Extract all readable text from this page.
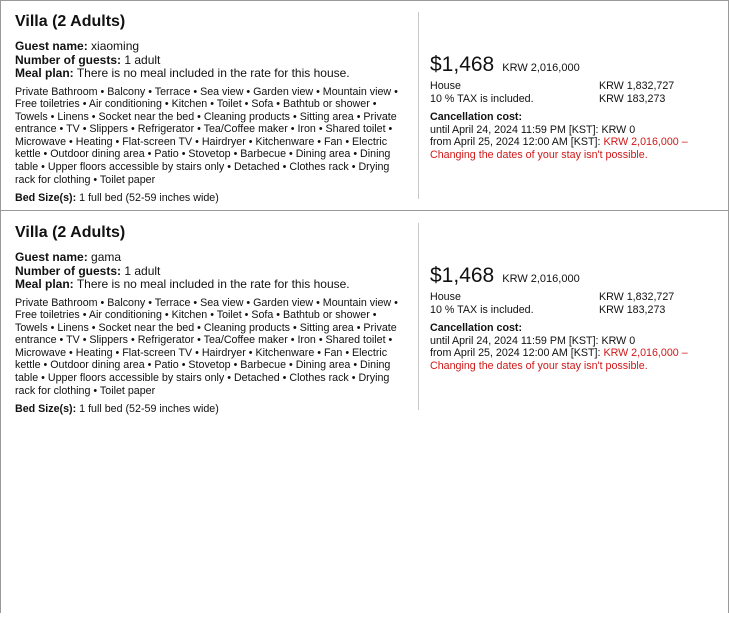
Villa (2 Adults)
Guest name: xiaoming
Number of guests: 1 adult
Meal plan: There is no meal included in the rate for this house.
Private Bathroom • Balcony • Terrace • Sea view • Garden view • Mountain view • Free toiletries • Air conditioning • Kitchen • Toilet • Sofa • Bathtub or shower • Towels • Linens • Socket near the bed • Cleaning products • Sitting area • Private entrance • TV • Slippers • Refrigerator • Tea/Coffee maker • Iron • Shared toilet • Microwave • Heating • Flat-screen TV • Hairdryer • Kitchenware • Fan • Electric kettle • Outdoor dining area • Patio • Stovetop • Barbecue • Dining area • Dining table • Upper floors accessible by stairs only • Detached • Clothes rack • Drying rack for clothing • Toilet paper
Bed Size(s): 1 full bed (52-59 inches wide)
$1,468 KRW 2,016,000
House	KRW 1,832,727
10 % TAX is included.	KRW 183,273
Cancellation cost:
until April 24, 2024 11:59 PM [KST]: KRW 0
from April 25, 2024 12:00 AM [KST]: KRW 2,016,000 –
Changing the dates of your stay isn't possible.
Villa (2 Adults)
Guest name: gama
Number of guests: 1 adult
Meal plan: There is no meal included in the rate for this house.
Private Bathroom • Balcony • Terrace • Sea view • Garden view • Mountain view • Free toiletries • Air conditioning • Kitchen • Toilet • Sofa • Bathtub or shower • Towels • Linens • Socket near the bed • Cleaning products • Sitting area • Private entrance • TV • Slippers • Refrigerator • Tea/Coffee maker • Iron • Shared toilet • Microwave • Heating • Flat-screen TV • Hairdryer • Kitchenware • Fan • Electric kettle • Outdoor dining area • Patio • Stovetop • Barbecue • Dining area • Dining table • Upper floors accessible by stairs only • Detached • Clothes rack • Drying rack for clothing • Toilet paper
Bed Size(s): 1 full bed (52-59 inches wide)
$1,468 KRW 2,016,000
House	KRW 1,832,727
10 % TAX is included.	KRW 183,273
Cancellation cost:
until April 24, 2024 11:59 PM [KST]: KRW 0
from April 25, 2024 12:00 AM [KST]: KRW 2,016,000 –
Changing the dates of your stay isn't possible.
